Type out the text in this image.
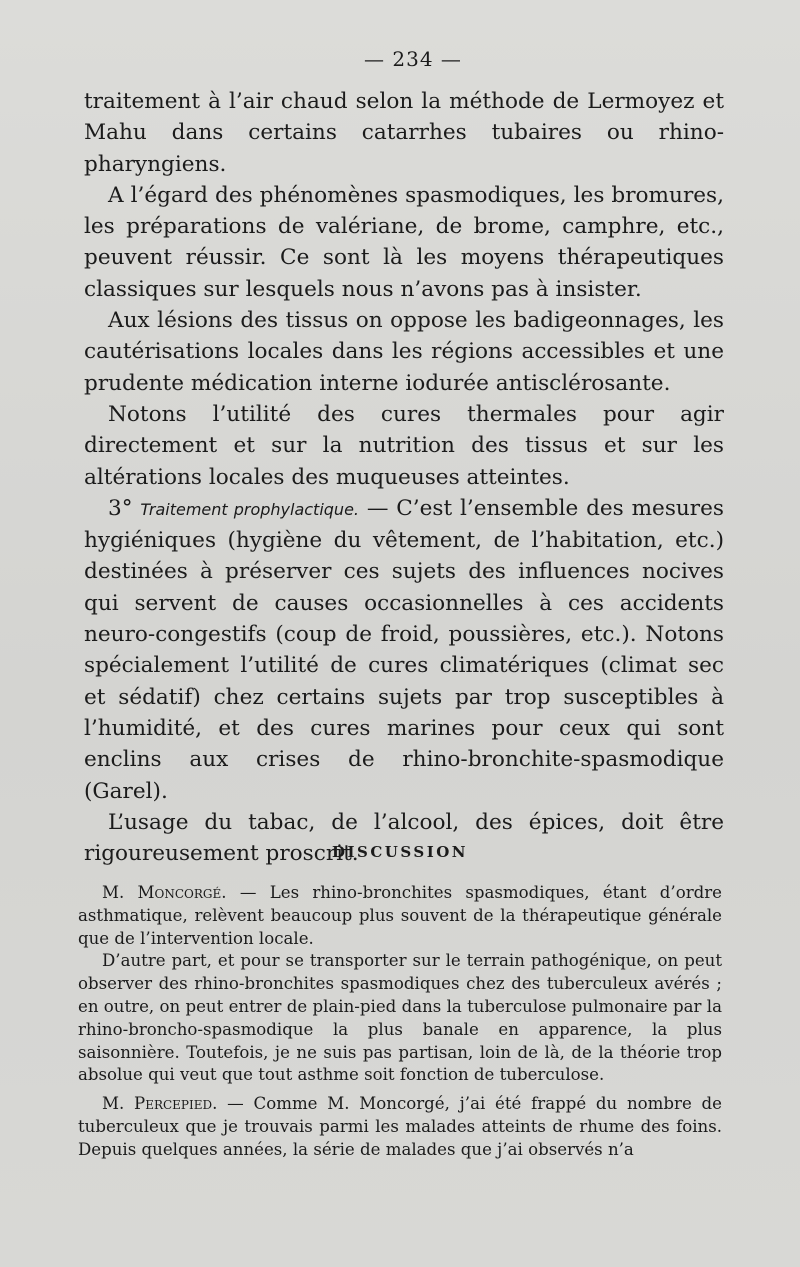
— 234 —

traitement à l’air chaud selon la méthode de Lermoyez et Mahu dans certains catarrhes tubaires ou rhino-pharyngiens.

A l’égard des phénomènes spasmodiques, les bromures, les préparations de valériane, de brome, camphre, etc., peuvent réussir. Ce sont là les moyens thérapeutiques classiques sur lesquels nous n’avons pas à insister.

Aux lésions des tissus on oppose les badigeonnages, les cautérisations locales dans les régions accessibles et une prudente médication interne iodurée antisclérosante.

Notons l’utilité des cures thermales pour agir directement et sur la nutrition des tissus et sur les altérations locales des muqueuses atteintes.

3° Traitement prophylactique. — C’est l’ensemble des mesures hygiéniques (hygiène du vêtement, de l’habitation, etc.) destinées à préserver ces sujets des influences nocives qui servent de causes occasionnelles à ces accidents neuro-congestifs (coup de froid, poussières, etc.). Notons spécialement l’utilité de cures climatériques (climat sec et sédatif) chez certains sujets par trop susceptibles à l’humidité, et des cures marines pour ceux qui sont enclins aux crises de rhino-bronchite-spasmodique (Garel).

L’usage du tabac, de l’alcool, des épices, doit être rigoureusement proscrit.

DISCUSSION

M. Moncorgé. — Les rhino-bronchites spasmodiques, étant d’ordre asthmatique, relèvent beaucoup plus souvent de la thérapeutique générale que de l’intervention locale.

D’autre part, et pour se transporter sur le terrain pathogénique, on peut observer des rhino-bronchites spasmodiques chez des tuberculeux avérés ; en outre, on peut entrer de plain-pied dans la tuberculose pulmonaire par la rhino-broncho-spasmodique la plus banale en apparence, la plus saisonnière. Toutefois, je ne suis pas partisan, loin de là, de la théorie trop absolue qui veut que tout asthme soit fonction de tuberculose.

M. Percepied. — Comme M. Moncorgé, j’ai été frappé du nombre de tuberculeux que je trouvais parmi les malades atteints de rhume des foins. Depuis quelques années, la série de malades que j’ai observés n’a
